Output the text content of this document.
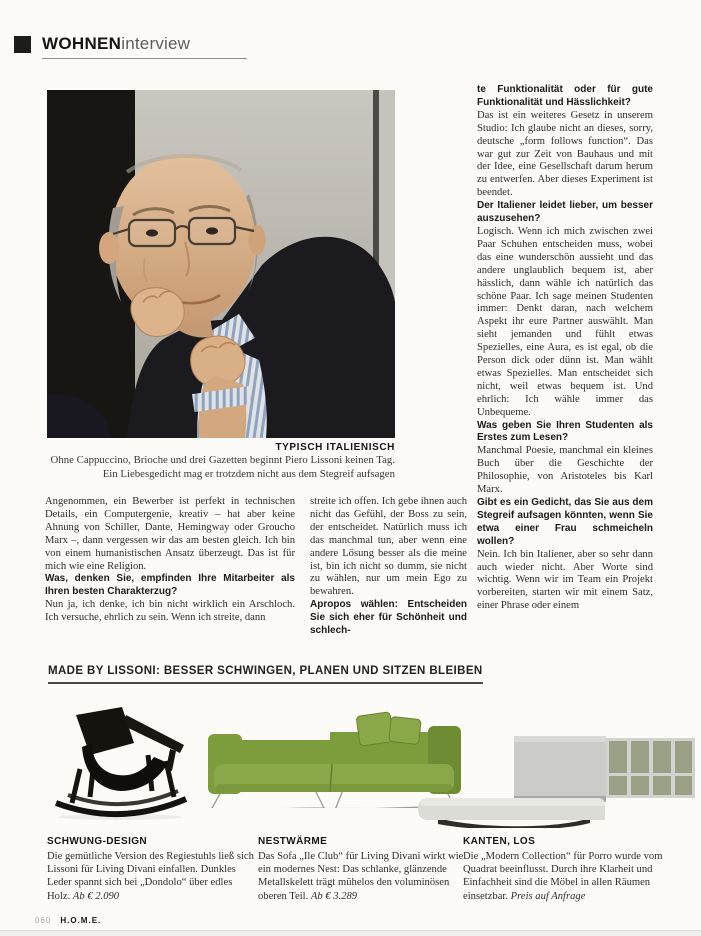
WOHNENinterview
TYPISCH ITALIENISCH
Ohne Cappuccino, Brioche und drei Gazetten beginnt Piero Lissoni keinen Tag.
Ein Liebesgedicht mag er trotzdem nicht aus dem Stegreif aufsagen

Angenommen, ein Bewerber ist perfekt in technischen Details, ein Computergenie, kreativ – hat aber keine Ahnung von Schiller, Dante, Hemingway oder Groucho Marx –, dann vergessen wir das am besten gleich. Ich bin von einem humanistischen Ansatz überzeugt. Das ist für mich wie eine Religion.

Was, denken Sie, empfinden Ihre Mitarbeiter als Ihren besten Charakterzug?

Nun ja, ich denke, ich bin nicht wirklich ein Arschloch. Ich versuche, ehrlich zu sein. Wenn ich streite, dann

streite ich offen. Ich gebe ihnen auch nicht das Gefühl, der Boss zu sein, der entscheidet. Natürlich muss ich das manchmal tun, aber wenn eine andere Lösung besser als die meine ist, bin ich nicht so dumm, sie nicht zu wählen, nur um mein Ego zu bewahren.

Apropos wählen: Entscheiden Sie sich eher für Schönheit und schlech-

te Funktionalität oder für gute Funktionalität und Hässlichkeit?

Das ist ein weiteres Gesetz in unserem Studio: Ich glaube nicht an dieses, sorry, deutsche „form follows function“. Das war gut zur Zeit von Bauhaus und mit der Idee, eine Gesellschaft darum herum zu entwerfen. Aber dieses Experiment ist beendet.

Der Italiener leidet lieber, um besser auszusehen?

Logisch. Wenn ich mich zwischen zwei Paar Schuhen entscheiden muss, wobei das eine wunderschön aussieht und das andere unglaublich bequem ist, aber hässlich, dann wähle ich natürlich das schöne Paar. Ich sage meinen Studenten immer: Denkt daran, nach welchem Aspekt ihr eure Partner auswählt. Man sieht jemanden und fühlt etwas Spezielles, eine Aura, es ist egal, ob die Person dick oder dünn ist. Man wählt etwas Spezielles. Man entscheidet sich nicht, weil etwas bequem ist. Und ehrlich: Ich wähle immer das Unbequeme.

Was geben Sie Ihren Studenten als Erstes zum Lesen?

Manchmal Poesie, manchmal ein kleines Buch über die Geschichte der Philosophie, von Aristoteles bis Karl Marx.

Gibt es ein Gedicht, das Sie aus dem Stegreif aufsagen könnten, wenn Sie etwa einer Frau schmeicheln wollen?

Nein. Ich bin Italiener, aber so sehr dann auch wieder nicht. Aber Worte sind wichtig. Wenn wir im Team ein Projekt vorbereiten, starten wir mit einem Satz, einer Phrase oder einem

MADE BY LISSONI: BESSER SCHWINGEN, PLANEN UND SITZEN BLEIBEN
SCHWUNG-DESIGN
Die gemütliche Version des Regiestuhls ließ sich Lissoni für Living Divani einfallen. Dunkles Leder spannt sich bei „Dondolo“ über edles Holz. Ab € 2.090
NESTWÄRME
Das Sofa „Ile Club“ für Living Divani wirkt wie ein modernes Nest: Das schlanke, glänzende Metallskelett trägt mühelos den voluminösen oberen Teil. Ab € 3.289
KANTEN, LOS
Die „Modern Collection“ für Porro wurde vom Quadrat beeinflusst. Durch ihre Klarheit und Einfachheit sind die Möbel in allen Räumen einsetzbar. Preis auf Anfrage
060 H.O.M.E.
